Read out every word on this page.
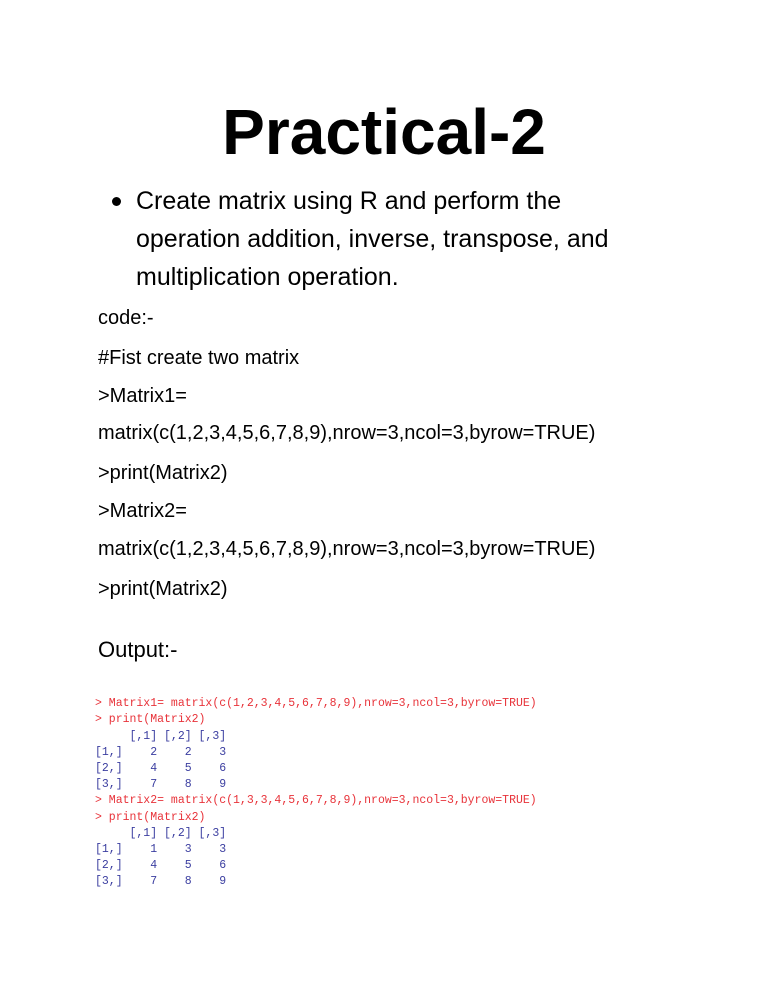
Practical-2
Create matrix using R and perform the operation addition, inverse, transpose, and multiplication operation.
code:-
#Fist create two matrix
>Matrix1=
matrix(c(1,2,3,4,5,6,7,8,9),nrow=3,ncol=3,byrow=TRUE)
>print(Matrix2)
>Matrix2=
matrix(c(1,2,3,4,5,6,7,8,9),nrow=3,ncol=3,byrow=TRUE)
>print(Matrix2)
Output:-

> Matrix1= matrix(c(1,2,3,4,5,6,7,8,9),nrow=3,ncol=3,byrow=TRUE)
> print(Matrix2)
[,1] [,2] [,3]
[1,]    2    2    3
[2,]    4    5    6
[3,]    7    8    9
> Matrix2= matrix(c(1,3,3,4,5,6,7,8,9),nrow=3,ncol=3,byrow=TRUE)
> print(Matrix2)
[,1] [,2] [,3]
[1,]    1    3    3
[2,]    4    5    6
[3,]    7    8    9
